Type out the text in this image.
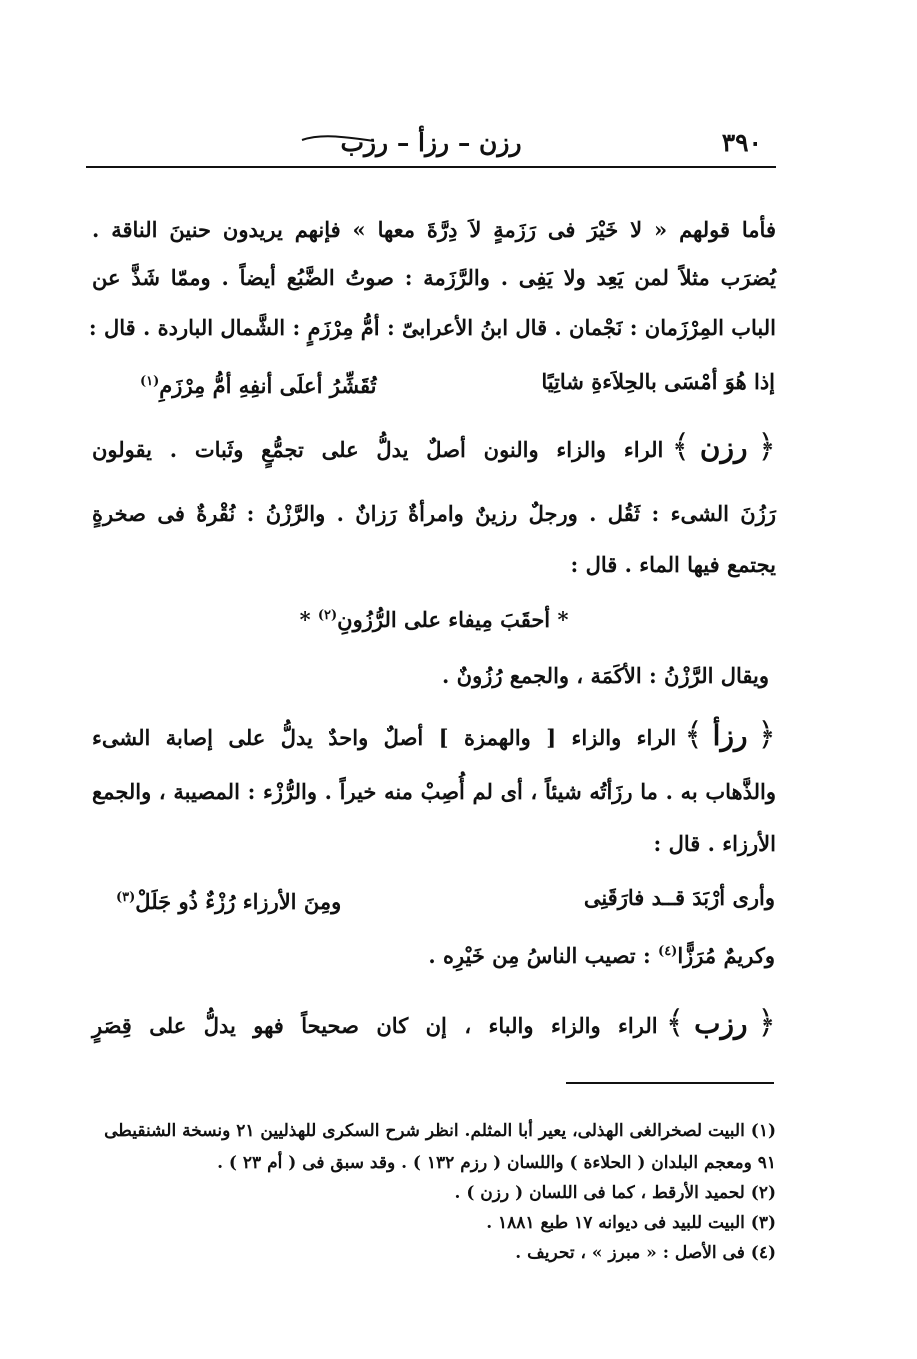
٣٩٠
رزن – رزأ – رزب
فأما قولهم « لا خَيْرَ فى رَزَمةٍ لاَ دِرَّةَ معها » فإنهم يريدون حنينَ الناقة .
يُضرَب مثلاً لمن يَعِد ولا يَفِى . والرَّزَمة : صوتُ الضَّبُع أيضاً . وممّا شَذَّ عن
الباب المِرْزَمان : نَجْمان . قال ابنُ الأعرابىّ : أمُّ مِرْزَمٍ : الشَّمال الباردة . قال :
إذا هُوَ أمْسَى بالحِلاَءةِ شاتِيًا
تُقَشِّرُ أعلَى أنفِهِ أمُّ مِرْزَمِ(١)
﴿ رزن ﴾الراء والزاء والنون أصلٌ يدلُّ على تجمُّعٍ وثَبات . يقولون
رَزُنَ الشىء : ثَقُل . ورجلٌ رزينٌ وامرأةٌ رَزانٌ . والرَّزْنُ : نُقْرةٌ فى صخرةٍ
يجتمع فيها الماء . قال :
* أحقَبَ مِيفاء على الرُّزُونِ$^{(٢)}$ *
ويقال الرَّزْنُ : الأكَمَة ، والجمع رُزُونٌ .
﴿ رزأ ﴾الراء والزاء [ والهمزة ] أصلٌ واحدٌ يدلُّ على إصابة الشىء
والذَّهاب به . ما رزَأتُه شيئاً ، أى لم أُصِبْ منه خيراً . والرُّزْء : المصيبة ، والجمع
الأرزاء . قال :
وأرى أرْبَدَ قــد فارَقَنِى
ومِنَ الأرزاء رُزْءٌ ذُو جَلَلْ(٣)
وكريمٌ مُرَزًّا(٤) : تصيب الناسُ مِن خَيْرِه .
﴿ رزب ﴾الراء والزاء والباء ، إن كان صحيحاً فهو يدلُّ على قِصَرٍ
(١) البيت لصخرالغى الهذلى، يعير أبا المثلم. انظر شرح السكرى للهذليين ٢١ ونسخة الشنقيطى
٩١ ومعجم البلدان ( الحلاءة ) واللسان ( رزم ١٣٢ ) . وقد سبق فى ( أم ٢٣ ) .
(٢) لحميد الأرقط ، كما فى اللسان ( رزن ) .
(٣) البيت للبيد فى ديوانه ١٧ طبع ١٨٨١ .
(٤) فى الأصل : « مبرز » ، تحريف .
